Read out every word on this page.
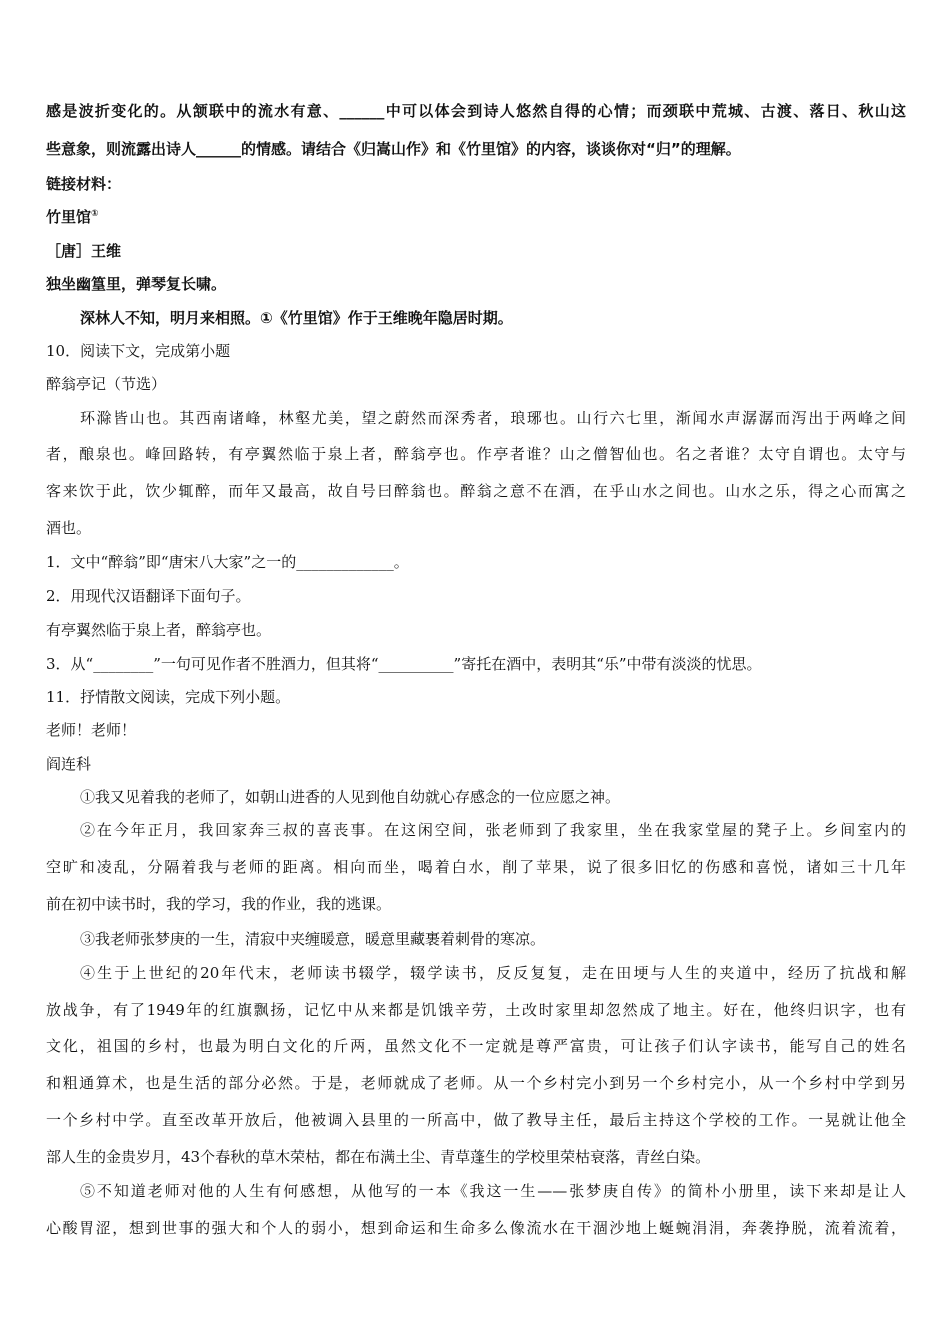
感是波折变化的。从颔联中的流水有意、______中可以体会到诗人悠然自得的心情；而颈联中荒城、古渡、落日、秋山这
些意象，则流露出诗人______的情感。请结合《归嵩山作》和《竹里馆》的内容，谈谈你对“归”的理解。
链接材料：
竹里馆①
［唐］王维
独坐幽篁里，弹琴复长啸。
深林人不知，明月来相照。①《竹里馆》作于王维晚年隐居时期。
10．阅读下文，完成第小题
醉翁亭记（节选）
环滁皆山也。其西南诸峰，林壑尤美，望之蔚然而深秀者，琅琊也。山行六七里，渐闻水声潺潺而泻出于两峰之间
者，酿泉也。峰回路转，有亭翼然临于泉上者，醉翁亭也。作亭者谁？山之僧智仙也。名之者谁？太守自谓也。太守与
客来饮于此，饮少辄醉，而年又最高，故自号曰醉翁也。醉翁之意不在酒，在乎山水之间也。山水之乐，得之心而寓之
酒也。
1．文中“醉翁”即“唐宋八大家”之一的_____________。
2．用现代汉语翻译下面句子。
有亭翼然临于泉上者，醉翁亭也。
3．从“________”一句可见作者不胜酒力，但其将“__________”寄托在酒中，表明其“乐”中带有淡淡的忧思。
11．抒情散文阅读，完成下列小题。
老师！老师！
阎连科
①我又见着我的老师了，如朝山进香的人见到他自幼就心存感念的一位应愿之神。
②在今年正月，我回家奔三叔的喜丧事。在这闲空间，张老师到了我家里，坐在我家堂屋的凳子上。乡间室内的
空旷和凌乱，分隔着我与老师的距离。相向而坐，喝着白水，削了苹果，说了很多旧忆的伤感和喜悦，诸如三十几年
前在初中读书时，我的学习，我的作业，我的逃课。
③我老师张梦庚的一生，清寂中夹缠暖意，暖意里藏裹着刺骨的寒凉。
④生于上世纪的20年代末，老师读书辍学，辍学读书，反反复复，走在田埂与人生的夹道中，经历了抗战和解
放战争，有了1949年的红旗飘扬，记忆中从来都是饥饿辛劳，土改时家里却忽然成了地主。好在，他终归识字，也有
文化，祖国的乡村，也最为明白文化的斤两，虽然文化不一定就是尊严富贵，可让孩子们认字读书，能写自己的姓名
和粗通算术，也是生活的部分必然。于是，老师就成了老师。从一个乡村完小到另一个乡村完小，从一个乡村中学到另
一个乡村中学。直至改革开放后，他被调入县里的一所高中，做了教导主任，最后主持这个学校的工作。一晃就让他全
部人生的金贵岁月，43个春秋的草木荣枯，都在布满土尘、青草蓬生的学校里荣枯衰落，青丝白染。
⑤不知道老师对他的人生有何感想，从他写的一本《我这一生——张梦庚自传》的简朴小册里，读下来却是让人
心酸胃涩，想到世事的强大和个人的弱小，想到命运和生命多么像流水在干涸沙地上蜒蜿涓涓，奔袭挣脱，流着流着，
